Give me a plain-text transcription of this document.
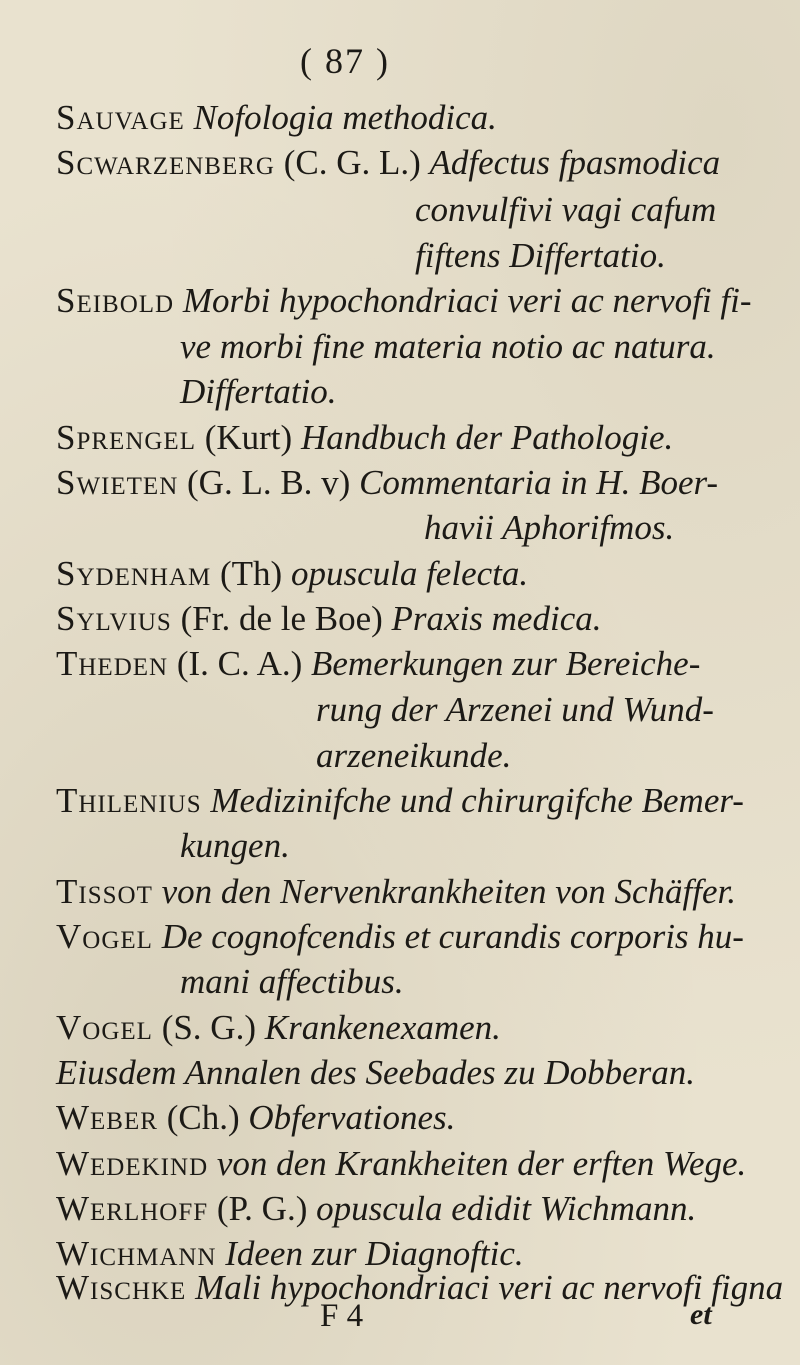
( 87 )
Sauvage Nofologia methodica.
Scwarzenberg (C. G. L.) Adfectus fpasmodica
convulfivi vagi cafum
fiftens Differtatio.
Seibold Morbi hypochondriaci veri ac nervofi fi-
ve morbi fine materia notio ac natura.
Differtatio.
Sprengel (Kurt) Handbuch der Pathologie.
Swieten (G. L. B. v) Commentaria in H. Boer-
havii Aphorifmos.
Sydenham (Th) opuscula felecta.
Sylvius (Fr. de le Boe) Praxis medica.
Theden (I. C. A.) Bemerkungen zur Bereiche-
rung der Arzenei und Wund-
arzeneikunde.
Thilenius Medizinifche und chirurgifche Bemer-
kungen.
Tissot von den Nervenkrankheiten von Schäffer.
Vogel De cognofcendis et curandis corporis hu-
mani affectibus.
Vogel (S. G.) Krankenexamen.
Eiusdem Annalen des Seebades zu Dobberan.
Weber (Ch.) Obfervationes.
Wedekind von den Krankheiten der erften Wege.
Werlhoff (P. G.) opuscula edidit Wichmann.
Wichmann Ideen zur Diagnoftic.
Wischke Mali hypochondriaci veri ac nervofi figna
F 4	et
